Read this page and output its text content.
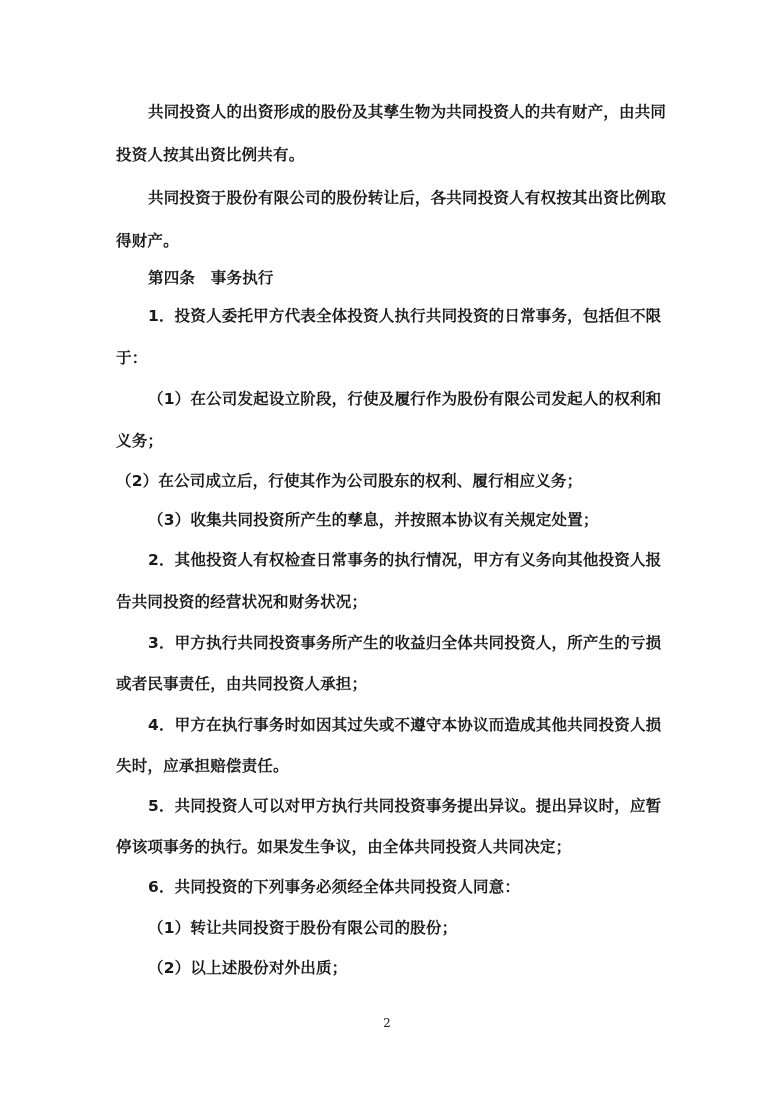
共同投资人的出资形成的股份及其孳生物为共同投资人的共有财产，由共同
投资人按其出资比例共有。
共同投资于股份有限公司的股份转让后，各共同投资人有权按其出资比例取
得财产。
第四条　事务执行
1．投资人委托甲方代表全体投资人执行共同投资的日常事务，包括但不限
于：
（1）在公司发起设立阶段，行使及履行作为股份有限公司发起人的权利和
义务；
（2）在公司成立后，行使其作为公司股东的权利、履行相应义务；
（3）收集共同投资所产生的孳息，并按照本协议有关规定处置；
2．其他投资人有权检查日常事务的执行情况，甲方有义务向其他投资人报
告共同投资的经营状况和财务状况；
3．甲方执行共同投资事务所产生的收益归全体共同投资人，所产生的亏损
或者民事责任，由共同投资人承担；
4．甲方在执行事务时如因其过失或不遵守本协议而造成其他共同投资人损
失时，应承担赔偿责任。
5．共同投资人可以对甲方执行共同投资事务提出异议。提出异议时，应暂
停该项事务的执行。如果发生争议，由全体共同投资人共同决定；
6．共同投资的下列事务必须经全体共同投资人同意：
（1）转让共同投资于股份有限公司的股份；
（2）以上述股份对外出质；
2
